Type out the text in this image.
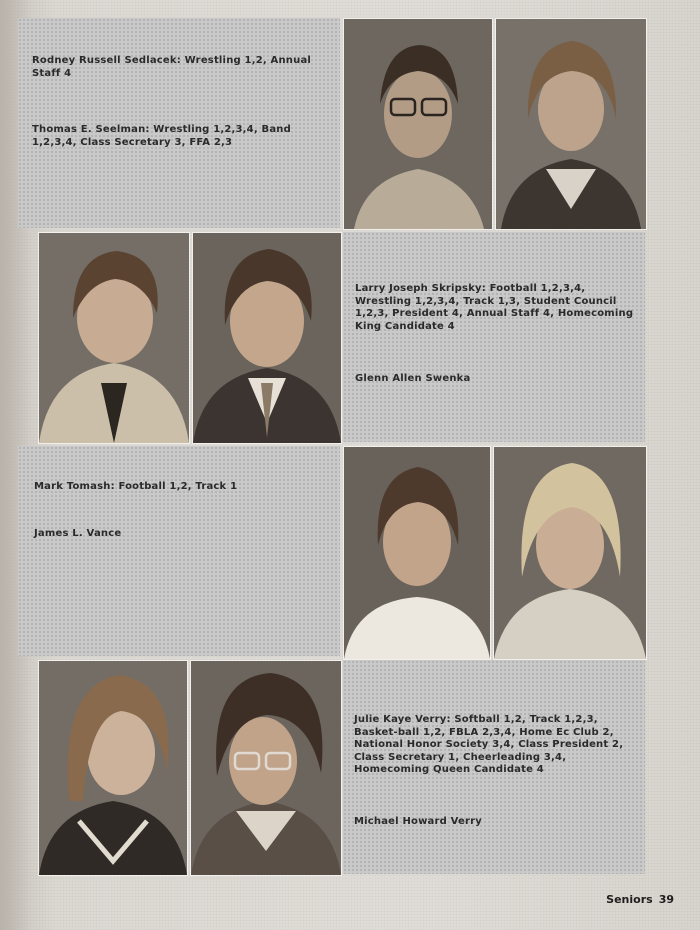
Rodney Russell Sedlacek: Wrestling 1,2, Annual Staff 4
Thomas E. Seelman: Wrestling 1,2,3,4, Band 1,2,3,4, Class Secretary 3, FFA 2,3
Larry Joseph Skripsky: Football 1,2,3,4, Wrestling 1,2,3,4, Track 1,3, Student Council 1,2,3, President 4, Annual Staff 4, Homecoming King Candidate 4
Glenn Allen Swenka
Mark Tomash: Football 1,2, Track 1
James L. Vance
Julie Kaye Verry: Softball 1,2, Track 1,2,3, Basket-ball 1,2, FBLA 2,3,4, Home Ec Club 2, National Honor Society 3,4, Class President 2, Class Secretary 1, Cheerleading 3,4, Homecoming Queen Candidate 4
Michael Howard Verry
Seniors 39
